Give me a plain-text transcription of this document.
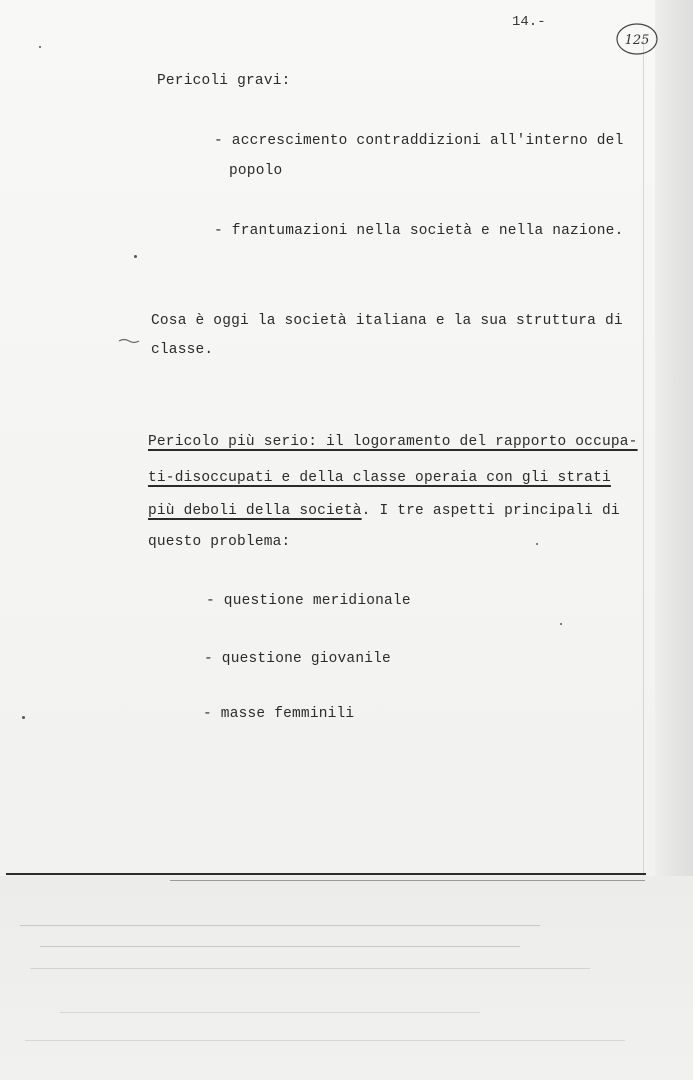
14.-
125
Pericoli gravi:
- accrescimento contraddizioni all'interno del
popolo
- frantumazioni nella società e nella nazione.
Cosa è oggi la società italiana e la sua struttura di
classe.
Pericolo più serio: il logoramento del rapporto occupa-
ti-disoccupati e della classe operaia con gli strati
più deboli della società. I tre aspetti principali di
questo problema:
- questione meridionale
- questione giovanile
- masse femminili
